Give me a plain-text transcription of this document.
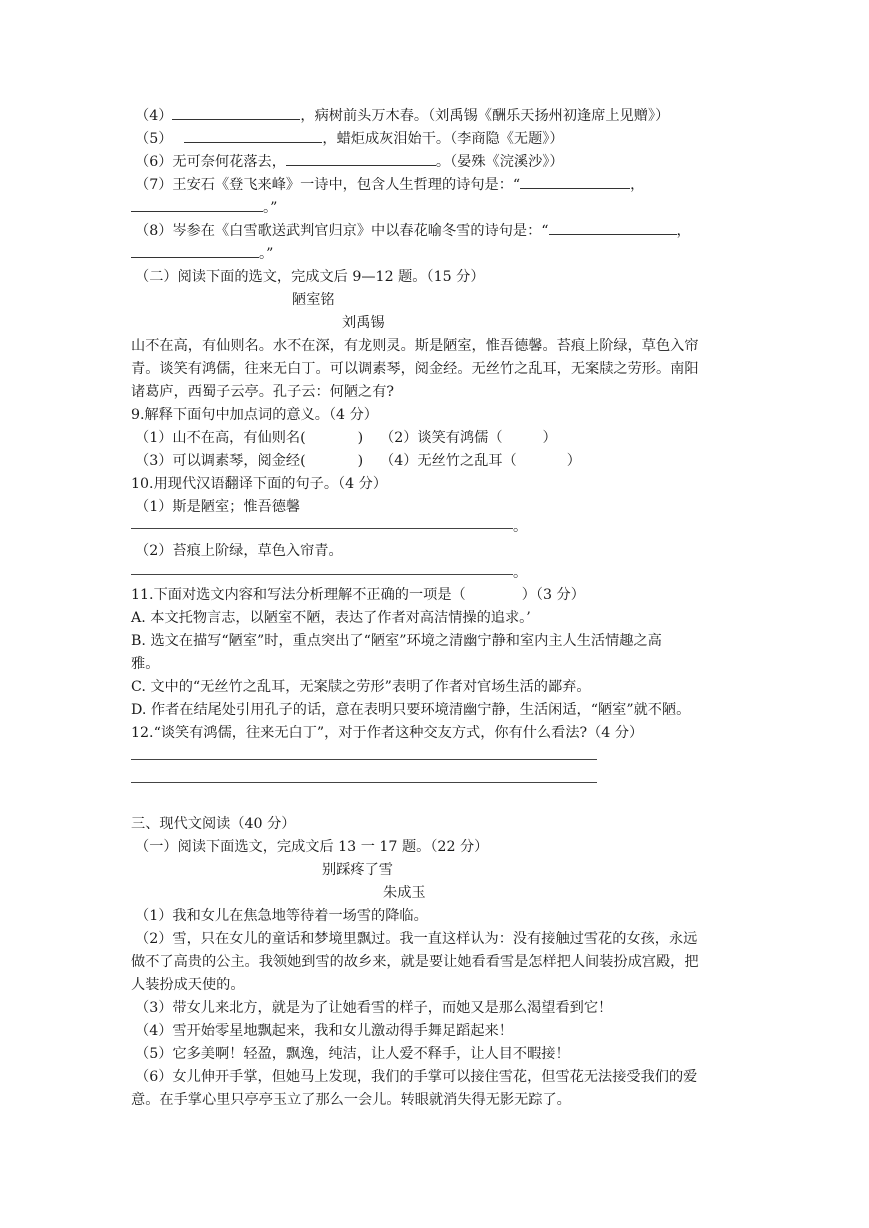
（4）	，病树前头万木春。（刘禹锡《酬乐天扬州初逢席上见赠》）
（5）	，蜡炬成灰泪始干。（李商隐《无题》）
（6）无可奈何花落去，	。（晏殊《浣溪沙》）
（7）王安石《登飞来峰》一诗中，包含人生哲理的诗句是：“	，
。”
（8）岑参在《白雪歌送武判官归京》中以春花喻冬雪的诗句是：“	，
。”
（二）阅读下面的选文，完成文后 9—12 题。（15 分）
陋室铭
刘禹锡
山不在高，有仙则名。水不在深，有龙则灵。斯是陋室，惟吾德馨。苔痕上阶绿，草色入帘
青。谈笑有鸿儒，往来无白丁。可以调素琴，阅金经。无丝竹之乱耳，无案牍之劳形。南阳
诸葛庐，西蜀子云亭。孔子云：何陋之有?
9.解释下面句中加点词的意义。（4 分）
（1）山不在高，有仙则名(	) （2）谈笑有鸿儒（	）
（3）可以调素琴，阅金经(	) （4）无丝竹之乱耳（	）
10.用现代汉语翻译下面的句子。（4 分）
（1）斯是陋室；惟吾德馨
。
（2）苔痕上阶绿，草色入帘青。
。
11.下面对选文内容和写法分析理解不正确的一项是（	）（3 分）
A. 本文托物言志，以陋室不陋，表达了作者对高洁情操的追求。’
B. 选文在描写“陋室”时，重点突出了“陋室”环境之清幽宁静和室内主人生活情趣之高
雅。
C. 文中的“无丝竹之乱耳，无案牍之劳形”表明了作者对官场生活的鄙弃。
D. 作者在结尾处引用孔子的话，意在表明只要环境清幽宁静，生活闲适，“陋室”就不陋。
12.“谈笑有鸿儒，往来无白丁”，对于作者这种交友方式，你有什么看法?（4 分）
三、现代文阅读（40 分）
（一）阅读下面选文，完成文后 13 一 17 题。（22 分）
别踩疼了雪
朱成玉
（1）我和女儿在焦急地等待着一场雪的降临。
（2）雪，只在女儿的童话和梦境里飘过。我一直这样认为：没有接触过雪花的女孩，永远
做不了高贵的公主。我领她到雪的故乡来，就是要让她看看雪是怎样把人间装扮成宫殿，把
人装扮成天使的。
（3）带女儿来北方，就是为了让她看雪的样子，而她又是那么渴望看到它！
（4）雪开始零星地飘起来，我和女儿激动得手舞足蹈起来！
（5）它多美啊！轻盈，飘逸，纯洁，让人爱不释手，让人目不暇接！
（6）女儿伸开手掌，但她马上发现，我们的手掌可以接住雪花，但雪花无法接受我们的爱
意。在手掌心里只亭亭玉立了那么一会儿。转眼就消失得无影无踪了。
